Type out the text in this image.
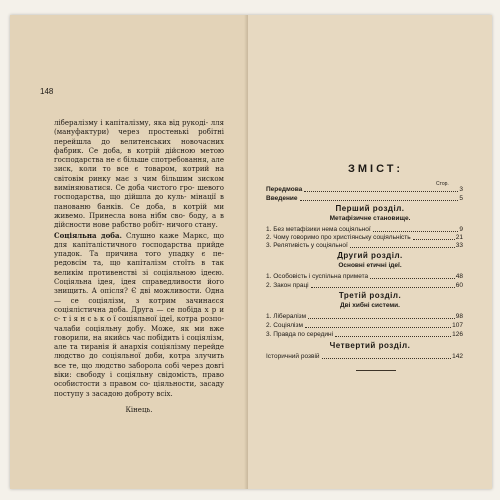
148

лібералізму і капіталізму, яка від рукоді- лля (мануфактури) через простенькі робітні перейшла до велитенських новочасних фабрик. Се доба, в котрій дійсною метою господарства не є більше спотребовання, але зиск, коли то все є товаром, котрий на світовім ринку має з чим більшим зиском виміняюватися. Се доба чистого гро- шевого господарства, що дійшла до куль- мінації в панованю банків. Се доба, в котрій ми живемо. Принесла вона нібм сво- боду, а в дійсности нове рабство робіт- ничого стану.

Соціяльна доба. Слушно каже Маркс, що для капіталістичного господарства прийде упадок. Та причина того упадку є пе- редовсім та, що капіталізм стоїть в так великім противенстві зі соціяльною ідеєю. Соціяльна ідея, ідея справедливости його знищить. А опісля? Є дві можливости. Одна — се соціялізм, з котрим зачинаєся соціялістична доба. Друга — се побіда х р и с- т і я н с ь к о ї соціяльної ідеї, котра розпо- чалаби соціяльну добу. Може, як ми вже говорили, на якийсь час побідить і соціялізм, але та тиранія й анархія соціялізму перейде людство до соціяльної доби, котра злучить все те, що людство заборола собі через довгі віки: свободу і соціяльну свідомість, право особистости з правом со- ціяльности, засаду поступу з засадою доброту всіх.

Кінець.

ЗМІСТ:
Стор.
Передмова	3
Введение	5
Перший розділ.
Метафізичне становище.
1. Без метафізики нема соціяльної	9
2. Чому говоримо про христіянську соціяльність	21
3. Релятивість у соціяльної	33
Другий розділ.
Основні етичні ідеї.
1. Особовість і суспільна примета	48
2. Закон праці	60
Третій розділ.
Дві хибні системи.
1. Лібералізм	98
2. Соціялізм	107
3. Правда по середині	126
Четвертий розділ.
Історичний розвій	142
